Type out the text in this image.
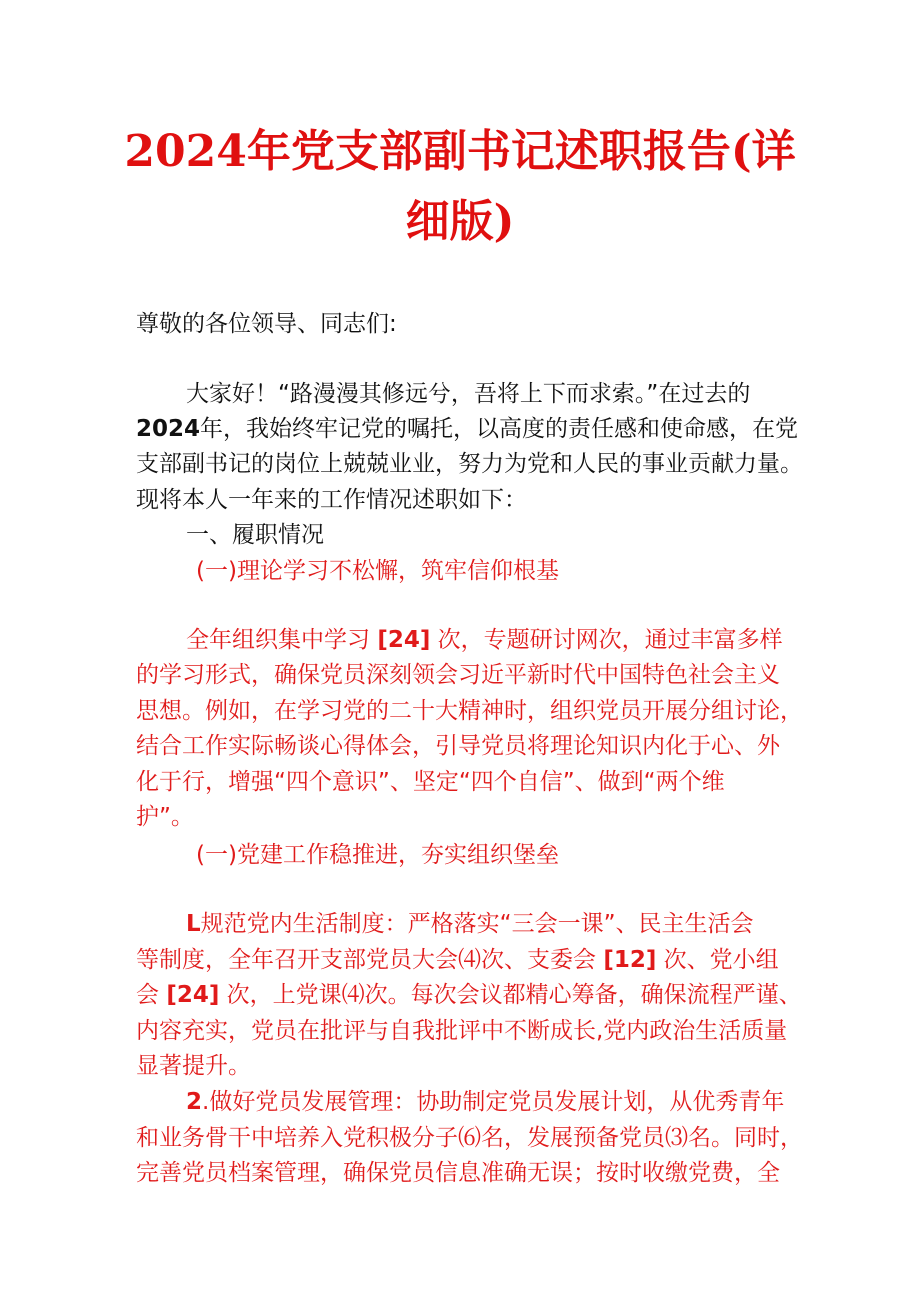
2024年党支部副书记述职报告(详
细版)
尊敬的各位领导、同志们:
大家好！“路漫漫其修远兮，吾将上下而求索。”在过去的
2024年，我始终牢记党的嘱托，以高度的责任感和使命感，在党
支部副书记的岗位上兢兢业业，努力为党和人民的事业贡献力量。
现将本人一年来的工作情况述职如下：
一、履职情况
(一)理论学习不松懈，筑牢信仰根基
全年组织集中学习 [24] 次，专题研讨网次，通过丰富多样
的学习形式，确保党员深刻领会习近平新时代中国特色社会主义
思想。例如，在学习党的二十大精神时，组织党员开展分组讨论，
结合工作实际畅谈心得体会，引导党员将理论知识内化于心、外
化于行，增强“四个意识”、坚定“四个自信”、做到“两个维
护”。
(一)党建工作稳推进，夯实组织堡垒
L规范党内生活制度：严格落实“三会一课”、民主生活会
等制度，全年召开支部党员大会⑷次、支委会 [12] 次、党小组
会 [24] 次，上党课⑷次。每次会议都精心筹备，确保流程严谨、
内容充实，党员在批评与自我批评中不断成长,党内政治生活质量
显著提升。
2.做好党员发展管理：协助制定党员发展计划，从优秀青年
和业务骨干中培养入党积极分子⑹名，发展预备党员⑶名。同时，
完善党员档案管理，确保党员信息准确无误；按时收缴党费，全
